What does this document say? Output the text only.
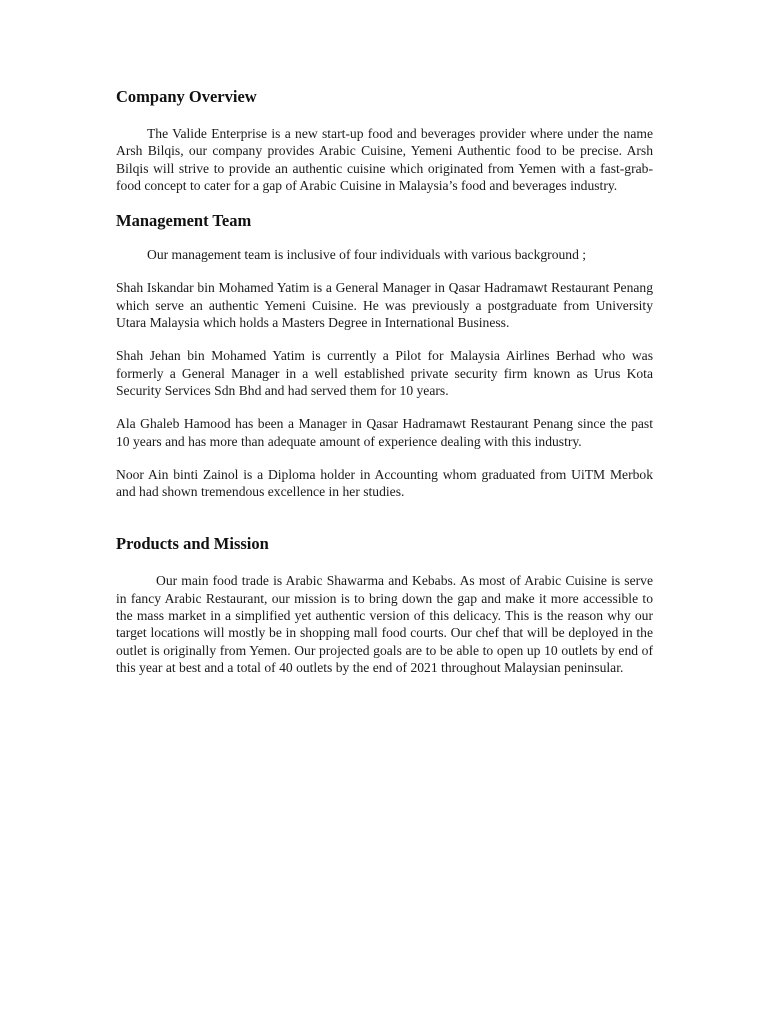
Company Overview

The Valide Enterprise is a new start-up food and beverages provider where under the name Arsh Bilqis, our company provides Arabic Cuisine, Yemeni Authentic food to be precise. Arsh Bilqis will strive to provide an authentic cuisine which originated from Yemen with a fast-grab-food concept to cater for a gap of Arabic Cuisine in Malaysia’s food and beverages industry.

Management Team

Our management team is inclusive of four individuals with various background ;

Shah Iskandar bin Mohamed Yatim is a General Manager in Qasar Hadramawt Restaurant Penang which serve an authentic Yemeni Cuisine. He was previously a postgraduate from University Utara Malaysia which holds a Masters Degree in International Business.

Shah Jehan bin Mohamed Yatim is currently a Pilot for Malaysia Airlines Berhad who was formerly a General Manager in a well established private security firm known as Urus Kota Security Services Sdn Bhd and had served them for 10 years.

Ala Ghaleb Hamood has been a Manager in Qasar Hadramawt Restaurant Penang since the past 10 years and has more than adequate amount of experience dealing with this industry.

Noor Ain binti Zainol is a Diploma holder in Accounting whom graduated from UiTM Merbok and had shown tremendous excellence in her studies.

Products and Mission

Our main food trade is Arabic Shawarma and Kebabs. As most of Arabic Cuisine is serve in fancy Arabic Restaurant, our mission is to bring down the gap and make it more accessible to the mass market in a simplified yet authentic version of this delicacy. This is the reason why our target locations will mostly be in shopping mall food courts. Our chef that will be deployed in the outlet is originally from Yemen. Our projected goals are to be able to open up 10 outlets by end of this year at best and a total of 40 outlets by the end of 2021 throughout Malaysian peninsular.
